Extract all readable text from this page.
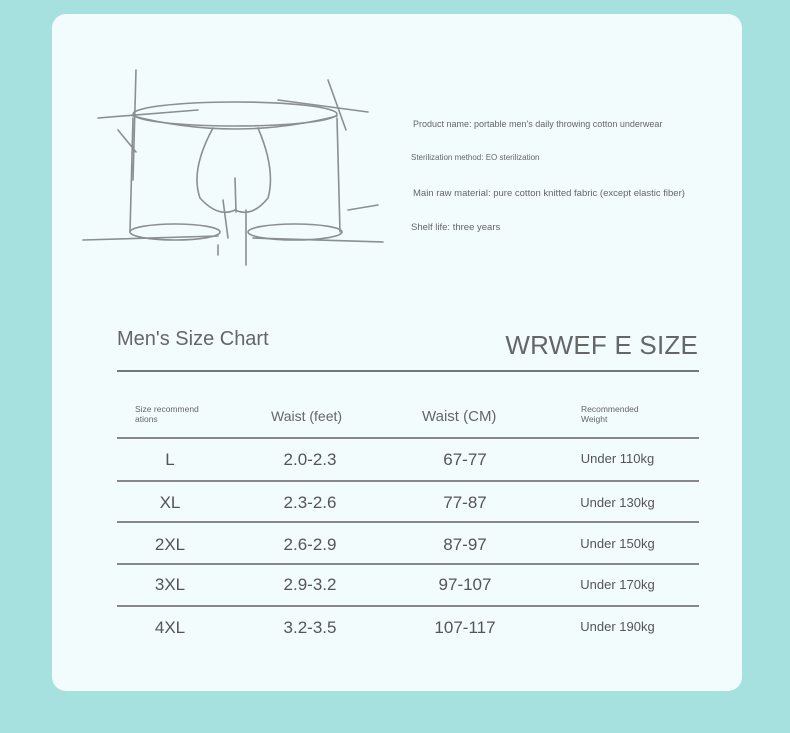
Product name: portable men's daily throwing cotton underwear
Sterilization method: EO sterilization
Main raw material: pure cotton knitted fabric (except elastic fiber)
Shelf life: three years
Men's Size Chart	WRWEF E SIZE
Size recommend ations	Waist (feet)	Waist (CM)	Recommended Weight
L	2.0-2.3	67-77	Under 110kg
XL	2.3-2.6	77-87	Under 130kg
2XL	2.6-2.9	87-97	Under 150kg
3XL	2.9-3.2	97-107	Under 170kg
4XL	3.2-3.5	107-117	Under 190kg
